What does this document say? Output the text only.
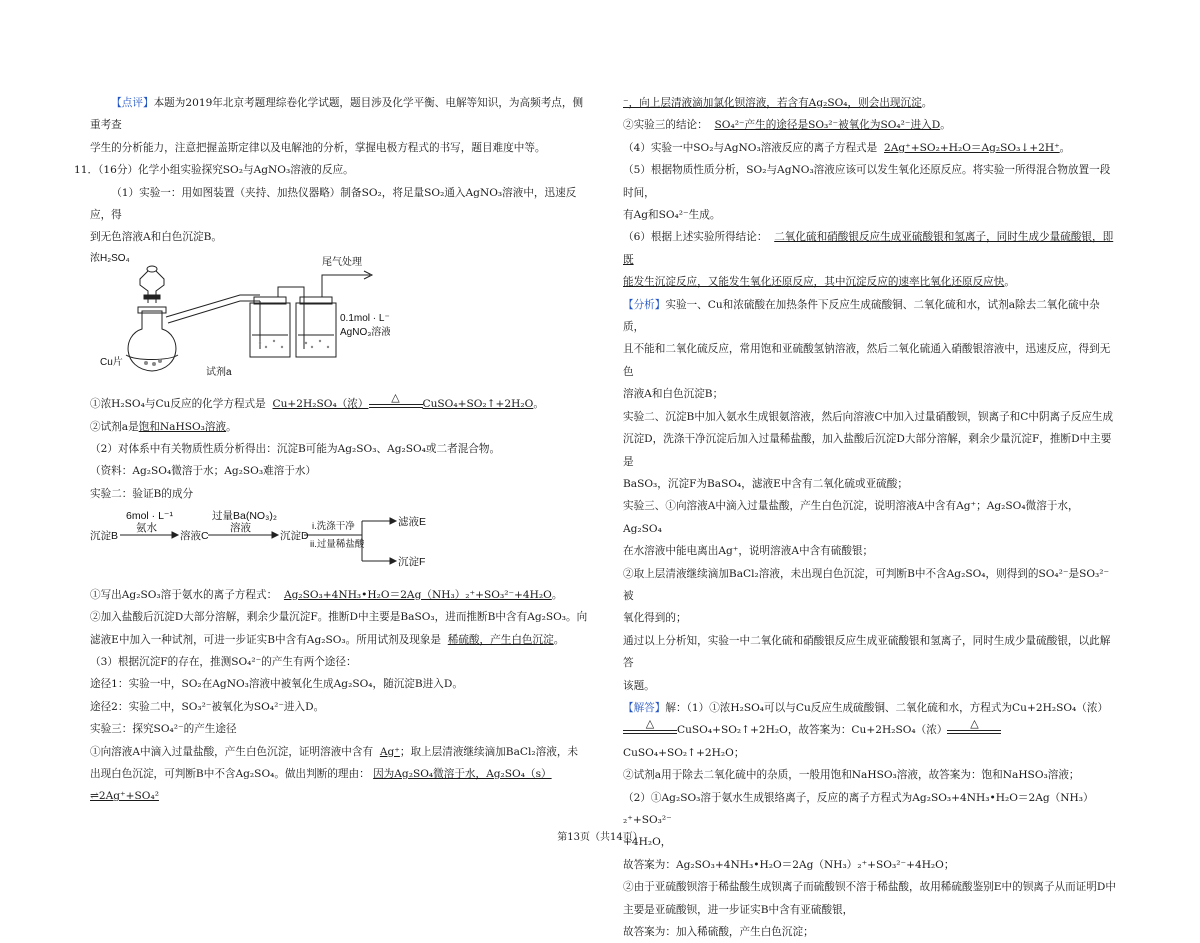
【点评】本题为2019年北京考题理综卷化学试题，题目涉及化学平衡、电解等知识，为高频考点，侧重考查

学生的分析能力，注意把握盖斯定律以及电解池的分析，掌握电极方程式的书写，题目难度中等。

11．（16分）化学小组实验探究SO₂与AgNO₃溶液的反应。

（1）实验一：用如图装置（夹持、加热仪器略）制备SO₂，将足量SO₂通入AgNO₃溶液中，迅速反应，得

到无色溶液A和白色沉淀B。

浓H₂SO₄	尾气处理
0.1mol · L⁻¹
AgNO₃溶液
Cu片
试剂a

①浓H₂SO₄与Cu反应的化学方程式是 Cu+2H₂SO₄（浓）	△	CuSO₄+SO₂↑+2H₂O。

②试剂a是饱和NaHSO₃溶液。

（2）对体系中有关物质性质分析得出：沉淀B可能为Ag₂SO₃、Ag₂SO₄或二者混合物。

（资料：Ag₂SO₄微溶于水；Ag₂SO₃难溶于水）

实验二：验证B的成分

沉淀B
6mol · L⁻¹
氨水
溶液C
过量Ba(NO₃)₂
溶液
沉淀D
i.洗涤干净
ii.过量稀盐酸
滤液E
沉淀F

①写出Ag₂SO₃溶于氨水的离子方程式： Ag₂SO₃+4NH₃•H₂O＝2Ag（NH₃）₂⁺+SO₃²⁻+4H₂O。

②加入盐酸后沉淀D大部分溶解，剩余少量沉淀F。推断D中主要是BaSO₃，进而推断B中含有Ag₂SO₃。向

滤液E中加入一种试剂，可进一步证实B中含有Ag₂SO₃。所用试剂及现象是 稀硫酸，产生白色沉淀。

（3）根据沉淀F的存在，推测SO₄²⁻的产生有两个途径：

途径1：实验一中，SO₂在AgNO₃溶液中被氧化生成Ag₂SO₄，随沉淀B进入D。

途径2：实验二中，SO₃²⁻被氧化为SO₄²⁻进入D。

实验三：探究SO₄²⁻的产生途径

①向溶液A中滴入过量盐酸，产生白色沉淀，证明溶液中含有 Ag⁺；取上层清液继续滴加BaCl₂溶液，未

出现白色沉淀，可判断B中不含Ag₂SO₄。做出判断的理由： 因为Ag₂SO₄微溶于水，Ag₂SO₄（s）⇌2Ag⁺+SO₄²

⁻，向上层清液滴加氯化钡溶液，若含有Ag₂SO₄，则会出现沉淀。

②实验三的结论： SO₄²⁻产生的途径是SO₃²⁻被氧化为SO₄²⁻进入D。

（4）实验一中SO₂与AgNO₃溶液反应的离子方程式是 2Ag⁺+SO₂+H₂O＝Ag₂SO₃↓+2H⁺。

（5）根据物质性质分析，SO₂与AgNO₃溶液应该可以发生氧化还原反应。将实验一所得混合物放置一段时间，

有Ag和SO₄²⁻生成。

（6）根据上述实验所得结论： 二氧化硫和硝酸银反应生成亚硫酸银和氢离子，同时生成少量硫酸银，即既

能发生沉淀反应，又能发生氧化还原反应，其中沉淀反应的速率比氧化还原反应快。

【分析】实验一、Cu和浓硫酸在加热条件下反应生成硫酸铜、二氧化硫和水，试剂a除去二氧化硫中杂质，

且不能和二氧化硫反应，常用饱和亚硫酸氢钠溶液，然后二氧化硫通入硝酸银溶液中，迅速反应，得到无色

溶液A和白色沉淀B；

实验二、沉淀B中加入氨水生成银氨溶液，然后向溶液C中加入过量硝酸钡，钡离子和C中阴离子反应生成

沉淀D，洗涤干净沉淀后加入过量稀盐酸，加入盐酸后沉淀D大部分溶解，剩余少量沉淀F，推断D中主要是

BaSO₃，沉淀F为BaSO₄，滤液E中含有二氧化硫或亚硫酸；

实验三、①向溶液A中滴入过量盐酸，产生白色沉淀，说明溶液A中含有Ag⁺；Ag₂SO₄微溶于水，Ag₂SO₄

在水溶液中能电离出Ag⁺，说明溶液A中含有硫酸银；

②取上层清液继续滴加BaCl₂溶液，未出现白色沉淀，可判断B中不含Ag₂SO₄，则得到的SO₄²⁻是SO₃²⁻被

氧化得到的；

通过以上分析知，实验一中二氧化硫和硝酸银反应生成亚硫酸银和氢离子，同时生成少量硫酸银，以此解答

该题。

【解答】解：（1）①浓H₂SO₄可以与Cu反应生成硫酸铜、二氧化硫和水，方程式为Cu+2H₂SO₄（浓）

△	CuSO₄+SO₂↑+2H₂O，故答案为：Cu+2H₂SO₄（浓）	△
CuSO₄+SO₂↑+2H₂O；

②试剂a用于除去二氧化硫中的杂质，一般用饱和NaHSO₃溶液，故答案为：饱和NaHSO₃溶液；

（2）①Ag₂SO₃溶于氨水生成银络离子，反应的离子方程式为Ag₂SO₃+4NH₃•H₂O＝2Ag（NH₃）₂⁺+SO₃²⁻

+4H₂O，

故答案为：Ag₂SO₃+4NH₃•H₂O＝2Ag（NH₃）₂⁺+SO₃²⁻+4H₂O；

②由于亚硫酸钡溶于稀盐酸生成钡离子而硫酸钡不溶于稀盐酸，故用稀硫酸鉴别E中的钡离子从而证明D中

主要是亚硫酸钡，进一步证实B中含有亚硫酸银，

故答案为：加入稀硫酸，产生白色沉淀；

第13页（共14页）
